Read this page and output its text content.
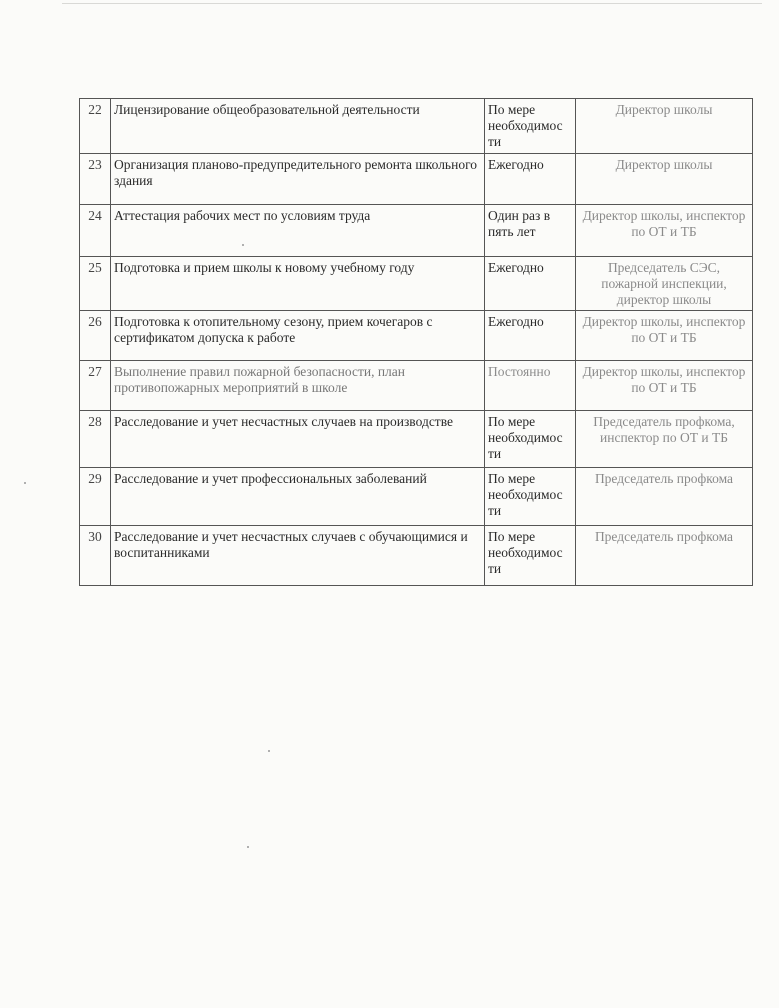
22	Лицензирование общеобразовательной деятельности	По мере необходимос ти	Директор школы
23	Организация планово-предупредительного ремонта школьного здания	Ежегодно	Директор школы
24	Аттестация рабочих мест по условиям труда	Один раз в пять лет	Директор школы, инспектор по ОТ и ТБ
25	Подготовка и прием школы к новому учебному году	Ежегодно	Председатель СЭС, пожарной инспекции, директор школы
26	Подготовка к отопительному сезону, прием кочегаров с сертификатом допуска к работе	Ежегодно	Директор школы, инспектор по ОТ и ТБ
27	Выполнение правил пожарной безопасности, план противопожарных мероприятий в школе	Постоянно	Директор школы, инспектор по ОТ и ТБ
28	Расследование и учет несчастных случаев на производстве	По мере необходимос ти	Председатель профкома, инспектор по ОТ и ТБ
29	Расследование и учет профессиональных заболеваний	По мере необходимос ти	Председатель профкома
30	Расследование и учет несчастных случаев с обучающимися и воспитанниками	По мере необходимос ти	Председатель профкома
